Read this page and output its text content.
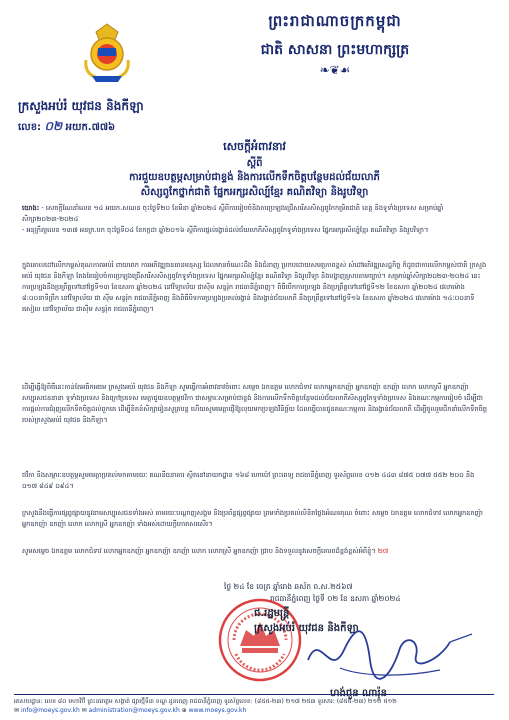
ព្រះរាជាណាចក្រកម្ពុជា
ជាតិ សាសនា ព្រះមហាក្សត្រ
❧❦☙
ក្រសួងអប់រំ យុវជន និងកីឡា
លេខ: ០២ អយក.៧៧៦
សេចក្តីអំពាវនាវ
ស្តីពី
ការជួយឧបត្ថម្ភសម្រាប់ជាខ្ទង់ និងការលើកទឹកចិត្តបន្ថែមដល់ជ័យលាភី
សិស្សពូកែថ្នាក់ជាតិ ផ្នែកអក្សរសិល្ប៍ខ្មែរ គណិតវិទ្យា និងរូបវិទ្យា
យោង: - សេចក្តីណែនាំលេខ ១៤ អយក.សណន ចុះថ្ងៃទី២០ ខែមីនា ឆ្នាំ២០២៤ ស្តីពីការរៀបចំនិងការប្រឡងជ្រើសរើសសិស្សពូកែកម្រិតជាតិ ខេត្ត និងទូទាំងប្រទេស សម្រាប់ឆ្នាំសិក្សា២០២៣-២០២៤
- អនុក្រឹត្យលេខ ១៣៧ អនក្រ.បក ចុះថ្ងៃទី០៤ ខែកក្កដា ឆ្នាំ២០១៦ ស្តីពីការផ្តល់រង្វាន់ដល់ជ័យលាភីសិស្សពូកែទូទាំងប្រទេស ផ្នែកអក្សរសិល្ប៍ខ្មែរ គណិតវិទ្យា និងរូបវិទ្យា។
ក្នុងគោលដៅលើកកម្ពស់គុណភាពអប់រំ ពាយពេក ការអភិវឌ្ឍធនធានមនុស្ស ដែលមានចំណេះដឹង និងជំនាញ ប្រកបដោយសមត្ថភាពខ្ពស់ សំដៅអភិវឌ្ឍសេដ្ឋកិច្ច ក៏ដូចជាការលើកកម្ពស់ជាតិ ក្រសួងអប់រំ យុវជន និងកីឡា តែងតែរៀបចំការប្រឡងជ្រើសរើសសិស្សពូកែទូទាំងប្រទេស ផ្នែកអក្សរសិល្ប៍ខ្មែរ គណិតវិទ្យា និងរូបវិទ្យា និងបង្ហាញស្របតាមច្បាប់។ សម្រាប់ឆ្នាំសិក្សា២០២៣-២០២៤ នេះ ការប្រឡងនឹងប្រព្រឹត្តទៅនៅថ្ងៃទី១៣ ខែឧសភា ឆ្នាំ២០២៤ នៅវិទ្យាល័យ ជាស៊ីម សន្ធរ៉ុក រាជធានីភ្នំពេញ។ ពិធីបើកការប្រឡង និងប្រព្រឹត្តទៅនៅថ្ងៃទី១២ ខែឧសភា ឆ្នាំ២០២៤ វេលាម៉ោង ៨:០០នាទីព្រឹក នៅវិទ្យាល័យ ជា ស៊ីម សន្ធរ៉ុក រាជធានីភ្នំពេញ និងពិធីបិទការប្រឡងប្រគល់រង្វាន់ និងរង្វាន់ជ័យលាភី នឹងប្រព្រឹត្តទៅនៅថ្ងៃទី១៦ ខែឧសភា ឆ្នាំ២០២៤ វេលាម៉ោង ១៤:០០នាទីរសៀល នៅវិទ្យាល័យ ជាស៊ីម សន្ធរ៉ុក រាជធានីភ្នំពេញ។
ដើម្បីធ្វើឱ្យពិធីនេះកាន់តែអធិកអធម ក្រសួងអប់រំ យុវជន និងកីឡា សូមធ្វើការអំពាវនាវចំពោះ សម្តេច ឯកឧត្តម លោកជំទាវ លោកអ្នកឧកញ៉ា អ្នកឧកញ៉ា ឧកញ៉ា លោក លោកស្រី អ្នកឧកញ៉ា សប្បុរសជននានា ទូទាំងប្រទេស និងក្រៅប្រទេស មេត្តាជួយឧបត្ថម្ភថវិកា ជាសម្ភារៈសម្រាប់ជាខ្ទង់ និងការលើកទឹកចិត្តបន្ថែមដល់ជ័យលាភីសិស្សពូកែទូទាំងប្រទេស និងគណៈកម្មការរៀបចំ ដើម្បីជាការផ្តល់ការជំរុញលើកទឹកចិត្តដល់ពួកគេ ដើម្បីខិតខំសិក្សារៀនសូត្របន្ត ហើយសូមមេត្តាផ្ញើឱ្យលុយមកប្រឡងវិនិច្ឆ័យ ដែលធ្វើបានជូនគណៈកម្មការ និងរង្វាន់ជ័យលាភី ដើម្បីចូលរួមដឹកនាំលើកទឹកចិត្ត របស់ក្រសួងអប់រំ យុវជន និងកីឡា។
ថវិកា និងសម្ភារៈឧបត្ថម្ភសូមមេត្តាប្រគល់មកតាមរយៈ គណនីធនាគារ ស្ថិតនៅនាយកដ្ឋាន ១៦៨ ហោប៉ៅ ព្រះពេទ្យ រាជធានីភ្នំពេញ ទូរស័ព្ទលេខ ០១២ ៤៤៣ ៨៧៥ ០៧៧ ៥៥២ ២០០ និង ០១៧ ៨៤៩ ០៩៤។
ក្រសួងនឹងធ្វើការផ្សព្វផ្សាយនូវនាមសប្បុរសជនទាំងអស់ តាមរយៈបណ្តាញសង្គម និងប្រព័ន្ធផ្សព្វផ្សាយ ព្រមទាំងប្រគល់លិខិតថ្លែងអំណរគុណ ចំពោះ សម្តេច ឯកឧត្តម លោកជំទាវ លោកអ្នកឧកញ៉ា អ្នកឧកញ៉ា ឧកញ៉ា លោក លោកស្រី អ្នកឧកញ៉ា ទាំងអស់ដោយក្តីកោតសរសើរ។
សូមសម្តេច ឯកឧត្តម លោកជំទាវ លោកអ្នកឧកញ៉ា អ្នកឧកញ៉ា ឧកញ៉ា លោក លោកស្រី អ្នកឧកញ៉ា ជ្រាប និងទទួលនូវសេចក្តីគោរពដ៏ខ្ពង់ខ្ពស់អំពីខ្ញុំ។ ២៧
ថ្ងៃ ២៤ ខែ ចេត្រ ឆ្នាំរោង ឆស័ក ព.ស.២៥៦៧
រាជធានីភ្នំពេញ ថ្ងៃទី ០២ ខែ ឧសភា ឆ្នាំ២០២៤
ជ.រដ្ឋមន្ត្រី
ក្រសួងអប់រំ យុវជន និងកីឡា
អាសយដ្ឋាន: លេខ ៨០ មហាវិថី ព្រះនរោត្តម សង្កាត់ ផ្សារថ្មីទី៣ ខណ្ឌ ដូនពេញ រាជធានីភ្នំពេញ ទូរស័ព្ទលេខ: (៨៥៥-២៣) ២១៧ ២៥៣ ទូរសារ: (៨៥៥-២៣) ២១២ ៥១២
✉ info@moeys.gov.kh ✉ administration@moeys.gov.kh ⊕ www.moeys.gov.kh
